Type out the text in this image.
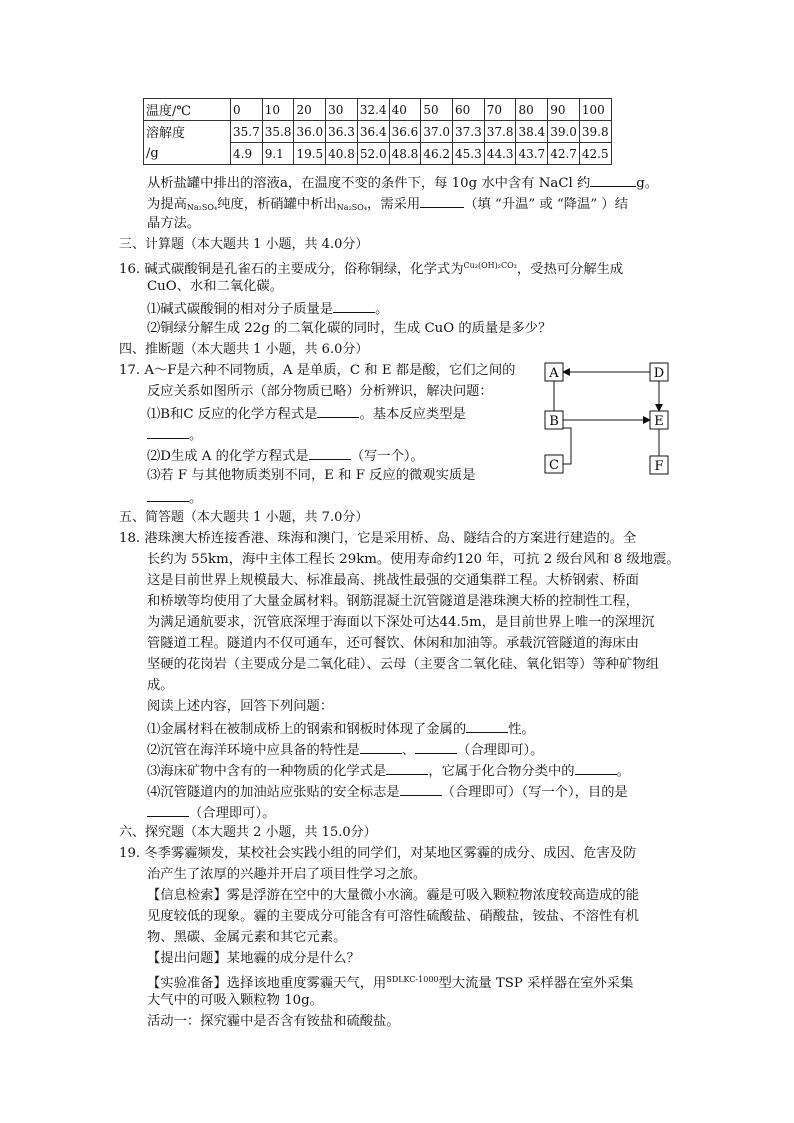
温度/℃	0	10	20	30	32.4	40	50	60	70	80	90	100
溶解度	35.7	35.8	36.0	36.3	36.4	36.6	37.0	37.3	37.8	38.4	39.0	39.8
/g	4.9	9.1	19.5	40.8	52.0	48.8	46.2	45.3	44.3	43.7	42.7	42.5
从析盐罐中排出的溶液a，在温度不变的条件下，每 10g 水中含有 NaCl 约	g。
为提高$_{Na_2SO_4}$纯度，析硝罐中析出$_{Na_2SO_4}$，需采用	（填 “升温” 或 “降温” ）结
晶方法。
三、计算题（本大题共 1 小题，共 4.0分）
16. 碱式碳酸铜是孔雀石的主要成分，俗称铜绿，化学式为$^{Cu_2(OH)_2CO_3}$，受热可分解生成
CuO、水和二氧化碳。
⑴碱式碳酸铜的相对分子质量是	。
⑵铜绿分解生成 22g 的二氧化碳的同时，生成 CuO 的质量是多少？
四、推断题（本大题共 1 小题，共 6.0分）
17. A～F是六种不同物质，A 是单质，C 和 E 都是酸，它们之间的
反应关系如图所示（部分物质已略）分析辨识，解决问题：
⑴B和C 反应的化学方程式是	。基本反应类型是
。
⑵D生成 A 的化学方程式是	（写一个）。
⑶若 F 与其他物质类别不同，E 和 F 反应的微观实质是
。
A	D
B	E
C	F
五、简答题（本大题共 1 小题，共 7.0分）
18. 港珠澳大桥连接香港、珠海和澳门，它是采用桥、岛、隧结合的方案进行建造的。全
长约为 55km，海中主体工程长 29km。使用寿命约120 年，可抗 2 级台风和 8 级地震。
这是目前世界上规模最大、标准最高、挑战性最强的交通集群工程。大桥钢索、桥面
和桥墩等均使用了大量金属材料。钢筋混凝土沉管隧道是港珠澳大桥的控制性工程，
为满足通航要求，沉管底深埋于海面以下深处可达44.5m，是目前世界上唯一的深埋沉
管隧道工程。隧道内不仅可通车，还可餐饮、休闲和加油等。承载沉管隧道的海床由
坚硬的花岗岩（主要成分是二氧化硅）、云母（主要含二氧化硅、氧化铝等）等种矿物组
成。
阅读上述内容，回答下列问题：
⑴金属材料在被制成桥上的钢索和钢板时体现了金属的	性。
⑵沉管在海洋环境中应具备的特性是	、	（合理即可）。
⑶海床矿物中含有的一种物质的化学式是	，它属于化合物分类中的	。
⑷沉管隧道内的加油站应张贴的安全标志是	（合理即可）（写一个），目的是
（合理即可）。
六、探究题（本大题共 2 小题，共 15.0分）
19. 冬季雾霾频发，某校社会实践小组的同学们，对某地区雾霾的成分、成因、危害及防
治产生了浓厚的兴趣并开启了项目性学习之旅。
【信息检索】雾是浮游在空中的大量微小水滴。霾是可吸入颗粒物浓度较高造成的能
见度较低的现象。霾的主要成分可能含有可溶性硫酸盐、硝酸盐，铵盐、不溶性有机
物、黑碳、金属元素和其它元素。
【提出问题】某地霾的成分是什么？
【实验准备】选择该地重度雾霾天气，用$^{SDLKC-1000}$型大流量 TSP 采样器在室外采集
大气中的可吸入颗粒物 10g。
活动一：探究霾中是否含有铵盐和硫酸盐。
